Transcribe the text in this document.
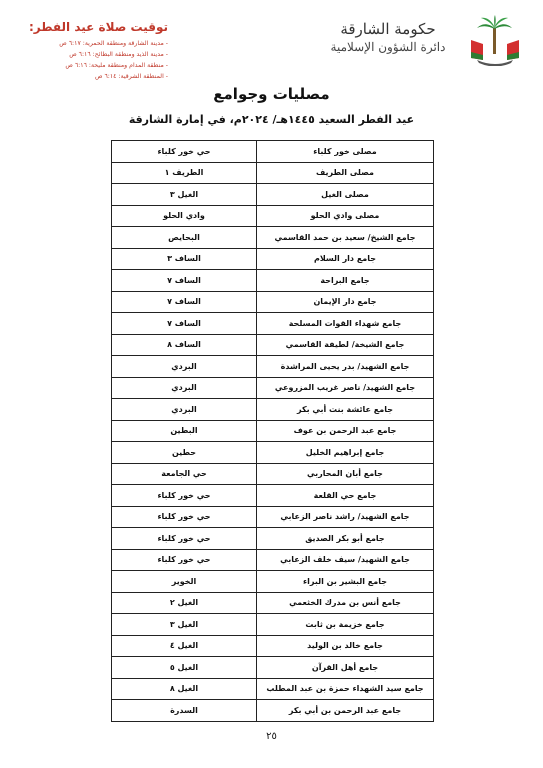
توقيت صلاة عيد الفطر:
- مدينة الشارقة ومنطقة الحمرية: ٦:١٧ ص
- مدينة الذيد ومنطقة البطائح: ٦:١٦ ص
- منطقة المدام ومنطقة مليحة: ٦:١٦ ص
- المنطقة الشرقية: ٦:١٤ ص
حكومة الشارقة
دائرة الشؤون الإسلامية
مصليات وجوامع
عيد الفطر السعيد ١٤٤٥هـ/ ٢٠٢٤م، في إمارة الشارقة
مصلى خور كلباء	حي خور كلباء
مصلى الطريف	الطريف ١
مصلى الغيل	الغيل ٣
مصلى وادي الحلو	وادي الحلو
جامع الشيخ/ سعيد بن حمد القاسمي	البحايص
جامع دار السلام	الساف ٣
جامع البراحة	الساف ٧
جامع دار الإيمان	الساف ٧
جامع شهداء القوات المسلحة	الساف ٧
جامع الشيخة/ لطيفة القاسمي	الساف ٨
جامع الشهيد/ بدر يحيى المراشدة	البردي
جامع الشهيد/ ناصر غريب المزروعي	البردي
جامع عائشة بنت أبي بكر	البردي
جامع عبد الرحمن بن عوف	البطين
جامع إبراهيم الخليل	حطين
جامع أبان المحاربي	حي الجامعة
جامع حي القلعة	حي خور كلباء
جامع الشهيد/ راشد ناصر الزعابي	حي خور كلباء
جامع أبو بكر الصديق	حي خور كلباء
جامع الشهيد/ سيف خلف الزعابي	حي خور كلباء
جامع البشير بن البراء	الخوير
جامع أنس بن مدرك الخثعمي	الغيل ٢
جامع خزيمة بن ثابت	الغيل ٣
جامع خالد بن الوليد	الغيل ٤
جامع أهل القرآن	الغيل ٥
جامع سيد الشهداء حمزة بن عبد المطلب	الغيل ٨
جامع عبد الرحمن بن أبي بكر	السدرة
٢٥
